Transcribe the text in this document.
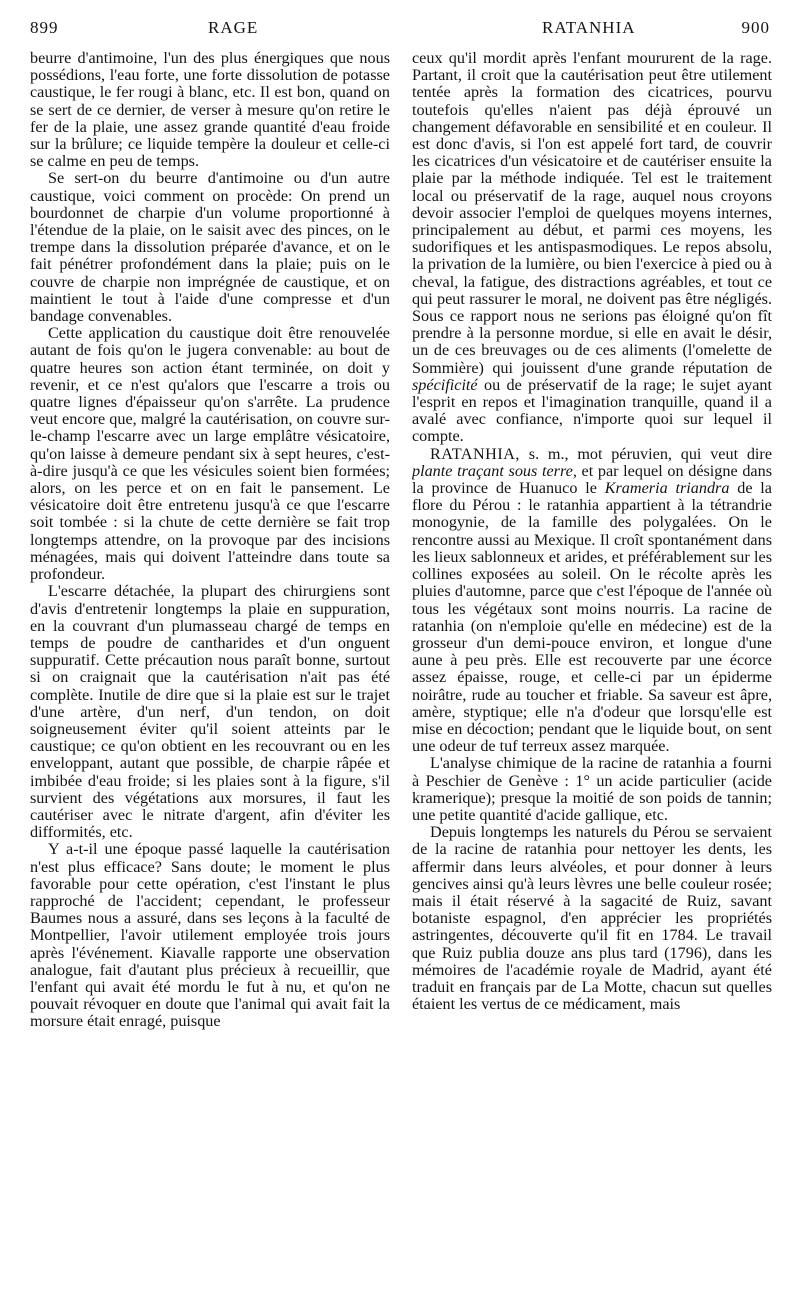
899	RAGE	RATANHIA	900

beurre d'antimoine, l'un des plus énergiques que nous possédions, l'eau forte, une forte dissolution de potasse caustique, le fer rougi à blanc, etc. Il est bon, quand on se sert de ce dernier, de verser à mesure qu'on retire le fer de la plaie, une assez grande quantité d'eau froide sur la brûlure; ce liquide tempère la douleur et celle-ci se calme en peu de temps.

Se sert-on du beurre d'antimoine ou d'un autre caustique, voici comment on procède: On prend un bourdonnet de charpie d'un volume proportionné à l'étendue de la plaie, on le saisit avec des pinces, on le trempe dans la dissolution préparée d'avance, et on le fait pénétrer profondément dans la plaie; puis on le couvre de charpie non imprégnée de caustique, et on maintient le tout à l'aide d'une compresse et d'un bandage convenables.

Cette application du caustique doit être renouvelée autant de fois qu'on le jugera convenable: au bout de quatre heures son action étant terminée, on doit y revenir, et ce n'est qu'alors que l'escarre a trois ou quatre lignes d'épaisseur qu'on s'arrête. La prudence veut encore que, malgré la cautérisation, on couvre sur-le-champ l'escarre avec un large emplâtre vésicatoire, qu'on laisse à demeure pendant six à sept heures, c'est-à-dire jusqu'à ce que les vésicules soient bien formées; alors, on les perce et on en fait le pansement. Le vésicatoire doit être entretenu jusqu'à ce que l'escarre soit tombée : si la chute de cette dernière se fait trop longtemps attendre, on la provoque par des incisions ménagées, mais qui doivent l'atteindre dans toute sa profondeur.

L'escarre détachée, la plupart des chirurgiens sont d'avis d'entretenir longtemps la plaie en suppuration, en la couvrant d'un plumasseau chargé de temps en temps de poudre de cantharides et d'un onguent suppuratif. Cette précaution nous paraît bonne, surtout si on craignait que la cautérisation n'ait pas été complète. Inutile de dire que si la plaie est sur le trajet d'une artère, d'un nerf, d'un tendon, on doit soigneusement éviter qu'il soient atteints par le caustique; ce qu'on obtient en les recouvrant ou en les enveloppant, autant que possible, de charpie râpée et imbibée d'eau froide; si les plaies sont à la figure, s'il survient des végétations aux morsures, il faut les cautériser avec le nitrate d'argent, afin d'éviter les difformités, etc.

Y a-t-il une époque passé laquelle la cautérisation n'est plus efficace? Sans doute; le moment le plus favorable pour cette opération, c'est l'instant le plus rapproché de l'accident; cependant, le professeur Baumes nous a assuré, dans ses leçons à la faculté de Montpellier, l'avoir utilement employée trois jours après l'événement. Kiavalle rapporte une observation analogue, fait d'autant plus précieux à recueillir, que l'enfant qui avait été mordu le fut à nu, et qu'on ne pouvait révoquer en doute que l'animal qui avait fait la morsure était enragé, puisque

ceux qu'il mordit après l'enfant moururent de la rage. Partant, il croit que la cautérisation peut être utilement tentée après la formation des cicatrices, pourvu toutefois qu'elles n'aient pas déjà éprouvé un changement défavorable en sensibilité et en couleur. Il est donc d'avis, si l'on est appelé fort tard, de couvrir les cicatrices d'un vésicatoire et de cautériser ensuite la plaie par la méthode indiquée. Tel est le traitement local ou préservatif de la rage, auquel nous croyons devoir associer l'emploi de quelques moyens internes, principalement au début, et parmi ces moyens, les sudorifiques et les antispasmodiques. Le repos absolu, la privation de la lumière, ou bien l'exercice à pied ou à cheval, la fatigue, des distractions agréables, et tout ce qui peut rassurer le moral, ne doivent pas être négligés. Sous ce rapport nous ne serions pas éloigné qu'on fît prendre à la personne mordue, si elle en avait le désir, un de ces breuvages ou de ces aliments (l'omelette de Sommière) qui jouissent d'une grande réputation de spécificité ou de préservatif de la rage; le sujet ayant l'esprit en repos et l'imagination tranquille, quand il a avalé avec confiance, n'importe quoi sur lequel il compte.

RATANHIA, s. m., mot péruvien, qui veut dire plante traçant sous terre, et par lequel on désigne dans la province de Huanuco le Krameria triandra de la flore du Pérou : le ratanhia appartient à la tétrandrie monogynie, de la famille des polygalées. On le rencontre aussi au Mexique. Il croît spontanément dans les lieux sablonneux et arides, et préférablement sur les collines exposées au soleil. On le récolte après les pluies d'automne, parce que c'est l'époque de l'année où tous les végétaux sont moins nourris. La racine de ratanhia (on n'emploie qu'elle en médecine) est de la grosseur d'un demi-pouce environ, et longue d'une aune à peu près. Elle est recouverte par une écorce assez épaisse, rouge, et celle-ci par un épiderme noirâtre, rude au toucher et friable. Sa saveur est âpre, amère, styptique; elle n'a d'odeur que lorsqu'elle est mise en décoction; pendant que le liquide bout, on sent une odeur de tuf terreux assez marquée.

L'analyse chimique de la racine de ratanhia a fourni à Peschier de Genève : 1° un acide particulier (acide kramerique); presque la moitié de son poids de tannin; une petite quantité d'acide gallique, etc.

Depuis longtemps les naturels du Pérou se servaient de la racine de ratanhia pour nettoyer les dents, les affermir dans leurs alvéoles, et pour donner à leurs gencives ainsi qu'à leurs lèvres une belle couleur rosée; mais il était réservé à la sagacité de Ruiz, savant botaniste espagnol, d'en apprécier les propriétés astringentes, découverte qu'il fit en 1784. Le travail que Ruiz publia douze ans plus tard (1796), dans les mémoires de l'académie royale de Madrid, ayant été traduit en français par de La Motte, chacun sut quelles étaient les vertus de ce médicament, mais
